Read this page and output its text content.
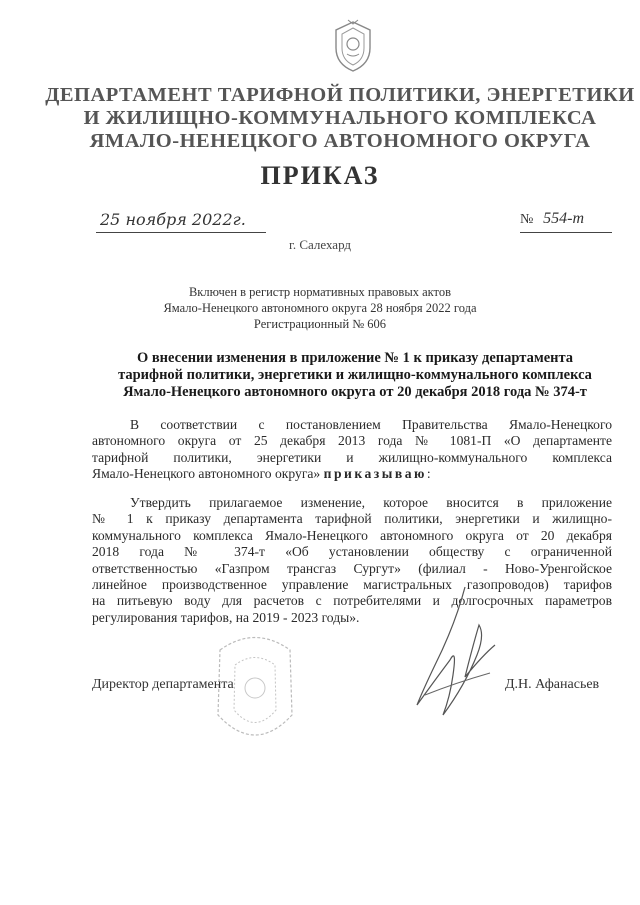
ДЕПАРТАМЕНТ ТАРИФНОЙ ПОЛИТИКИ, ЭНЕРГЕТИКИ
И ЖИЛИЩНО-КОММУНАЛЬНОГО КОМПЛЕКСА
ЯМАЛО-НЕНЕЦКОГО АВТОНОМНОГО ОКРУГА
ПРИКАЗ
25 ноября 2022г.	№ 554-т
г. Салехард
Включен в регистр нормативных правовых актов
Ямало-Ненецкого автономного округа 28 ноября 2022 года
Регистрационный № 606
О внесении изменения в приложение № 1 к приказу департамента
тарифной политики, энергетики и жилищно-коммунального комплекса
Ямало-Ненецкого автономного округа от 20 декабря 2018 года № 374-т
В соответствии с постановлением Правительства Ямало-Ненецкого
автономного округа от 25 декабря 2013 года № 1081-П «О департаменте
тарифной политики, энергетики и жилищно-коммунального комплекса
Ямало-Ненецкого автономного округа» приказываю:
Утвердить прилагаемое изменение, которое вносится в приложение
№ 1 к приказу департамента тарифной политики, энергетики и жилищно-
коммунального комплекса Ямало-Ненецкого автономного округа от 20 декабря
2018 года № 374-т «Об установлении обществу с ограниченной
ответственностью «Газпром трансгаз Сургут» (филиал - Ново-Уренгойское
линейное производственное управление магистральных газопроводов) тарифов
на питьевую воду для расчетов с потребителями и долгосрочных параметров
регулирования тарифов, на 2019 - 2023 годы».
Директор департамента	Д.Н. Афанасьев
